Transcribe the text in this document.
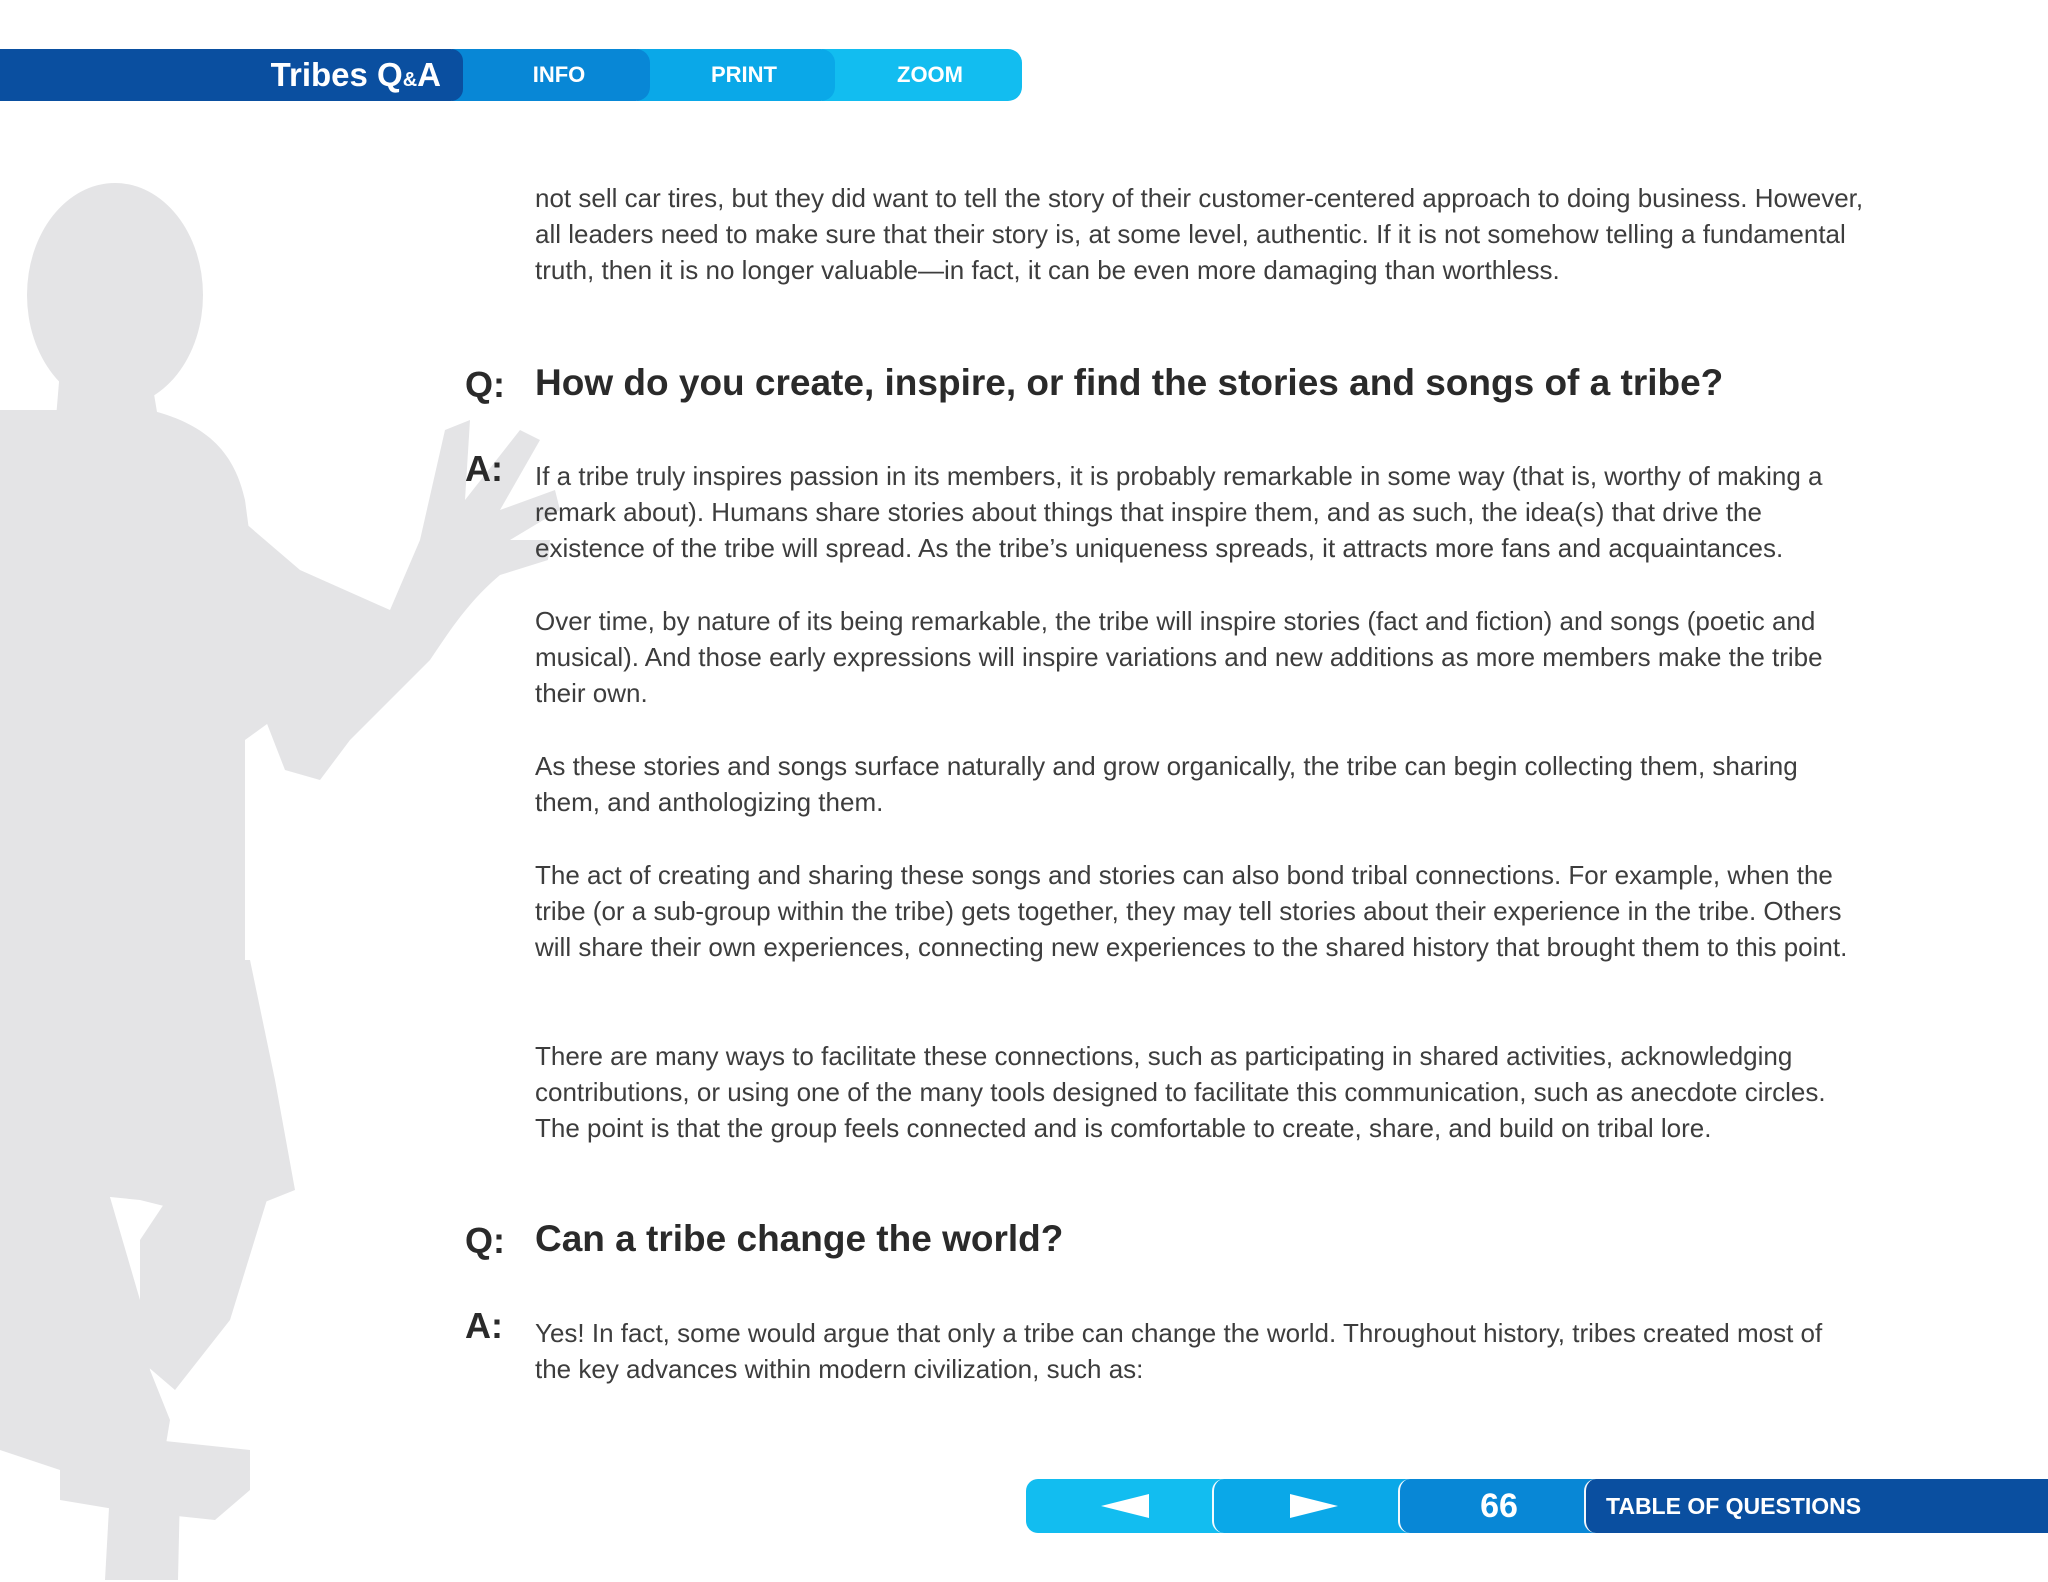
ZOOM
PRINT
INFO
Tribes Q&A

not sell car tires, but they did want to tell the story of their customer-centered approach to doing business. However, all leaders need to make sure that their story is, at some level, authentic. If it is not somehow telling a fundamental truth, then it is no longer valuable—in fact, it can be even more damaging than worthless.

Q: How do you create, inspire, or find the stories and songs of a tribe?
A: If a tribe truly inspires passion in its members, it is probably remarkable in some way (that is, worthy of making a remark about). Humans share stories about things that inspire them, and as such, the idea(s) that drive the existence of the tribe will spread. As the tribe’s uniqueness spreads, it attracts more fans and acquaintances.

Over time, by nature of its being remarkable, the tribe will inspire stories (fact and fiction) and songs (poetic and musical). And those early expressions will inspire variations and new additions as more members make the tribe their own.

As these stories and songs surface naturally and grow organically, the tribe can begin collecting them, sharing them, and anthologizing them.

The act of creating and sharing these songs and stories can also bond tribal connections. For example, when the tribe (or a sub-group within the tribe) gets together, they may tell stories about their experience in the tribe. Others will share their own experiences, connecting new experiences to the shared history that brought them to this point.

There are many ways to facilitate these connections, such as participating in shared activities, acknowledging contributions, or using one of the many tools designed to facilitate this communication, such as anecdote circles. The point is that the group feels connected and is comfortable to create, share, and build on tribal lore.

Q: Can a tribe change the world?
A: Yes! In fact, some would argue that only a tribe can change the world. Throughout history, tribes created most of the key advances within modern civilization, such as:

66	TABLE OF QUESTIONS
